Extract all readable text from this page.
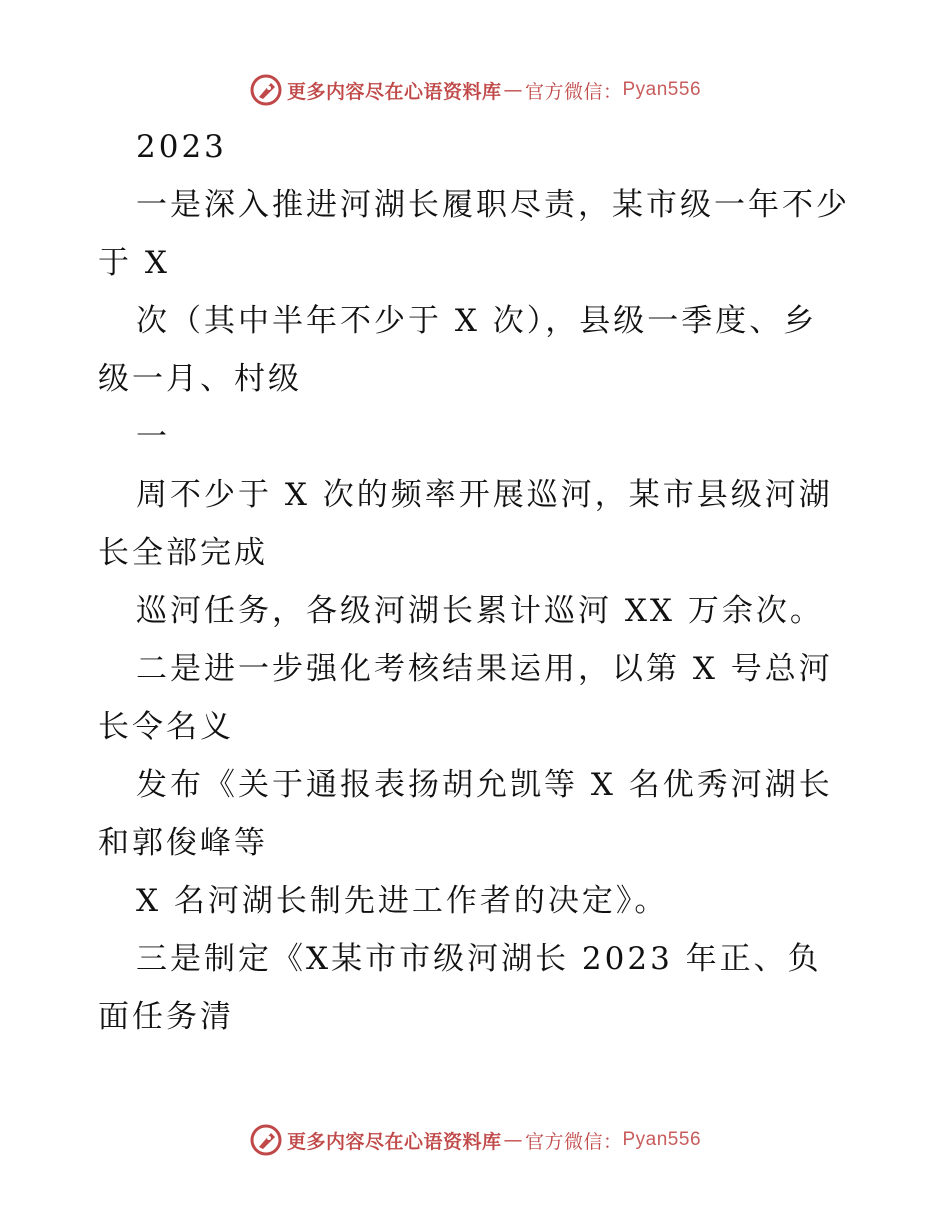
更多内容尽在心语资料库 — 官方微信： Pyan556
2023
一是深入推进河湖长履职尽责，某市级一年不少
于 X
次（其中半年不少于 X 次），县级一季度、乡
级一月、村级
一
周不少于 X 次的频率开展巡河，某市县级河湖
长全部完成
巡河任务，各级河湖长累计巡河 XX 万余次。
二是进一步强化考核结果运用，以第 X 号总河
长令名义
发布《关于通报表扬胡允凯等 X 名优秀河湖长
和郭俊峰等
X 名河湖长制先进工作者的决定》。
三是制定《X某市市级河湖长 2023 年正、负
面任务清
更多内容尽在心语资料库 — 官方微信： Pyan556
